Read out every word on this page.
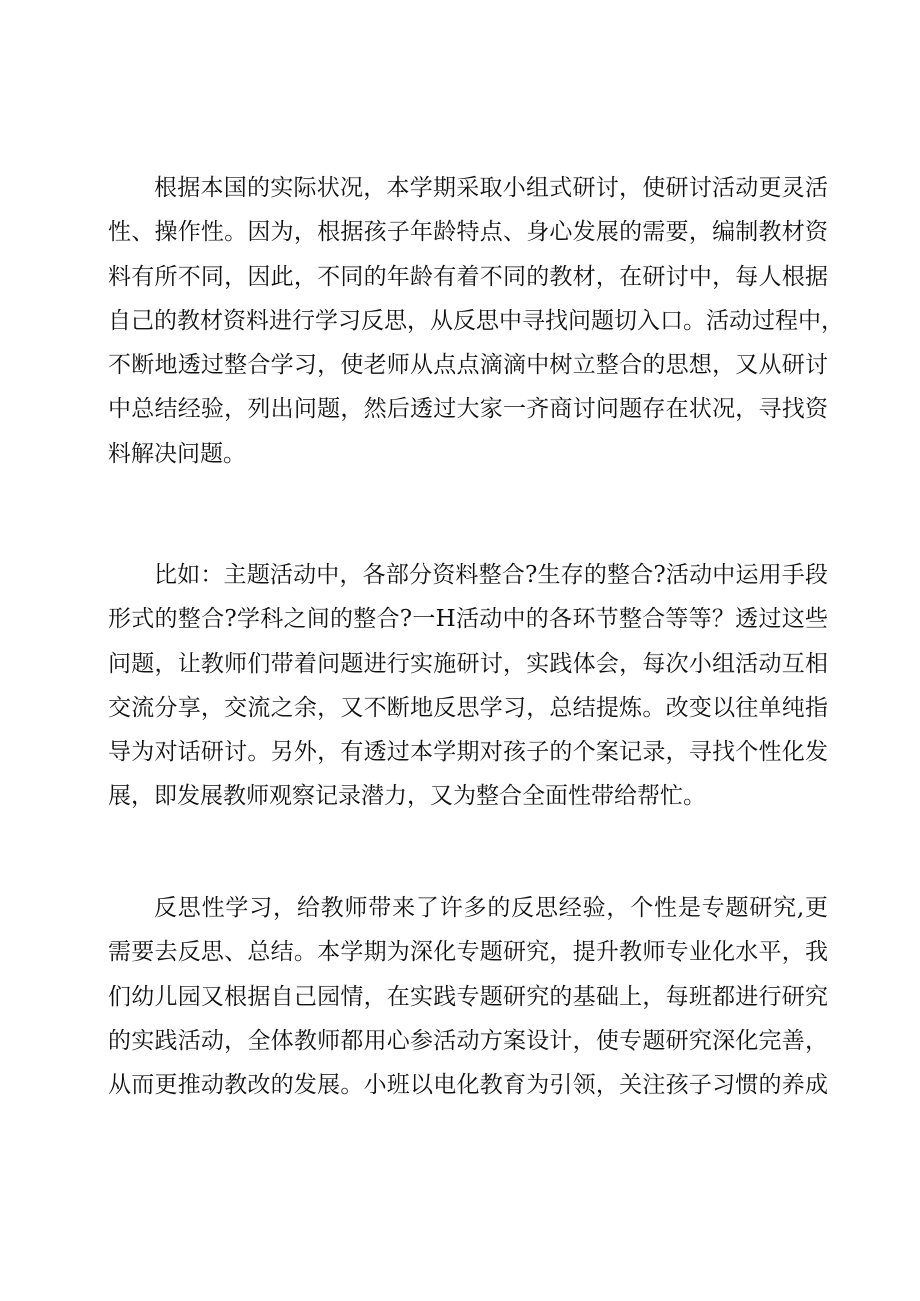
根据本国的实际状况，本学期采取小组式研讨，使研讨活动更灵活
性、操作性。因为，根据孩子年龄特点、身心发展的需要，编制教材资
料有所不同，因此，不同的年龄有着不同的教材，在研讨中，每人根据
自己的教材资料进行学习反思，从反思中寻找问题切入口。活动过程中，
不断地透过整合学习，使老师从点点滴滴中树立整合的思想，又从研讨
中总结经验，列出问题，然后透过大家一齐商讨问题存在状况，寻找资
料解决问题。
比如：主题活动中，各部分资料整合?生存的整合?活动中运用手段
形式的整合?学科之间的整合?一H活动中的各环节整合等等？透过这些
问题，让教师们带着问题进行实施研讨，实践体会，每次小组活动互相
交流分享，交流之余，又不断地反思学习，总结提炼。改变以往单纯指
导为对话研讨。另外，有透过本学期对孩子的个案记录，寻找个性化发
展，即发展教师观察记录潜力，又为整合全面性带给帮忙。
反思性学习，给教师带来了许多的反思经验，个性是专题研究,更
需要去反思、总结。本学期为深化专题研究，提升教师专业化水平，我
们幼儿园又根据自己园情，在实践专题研究的基础上，每班都进行研究
的实践活动，全体教师都用心参活动方案设计，使专题研究深化完善，
从而更推动教改的发展。小班以电化教育为引领，关注孩子习惯的养成
